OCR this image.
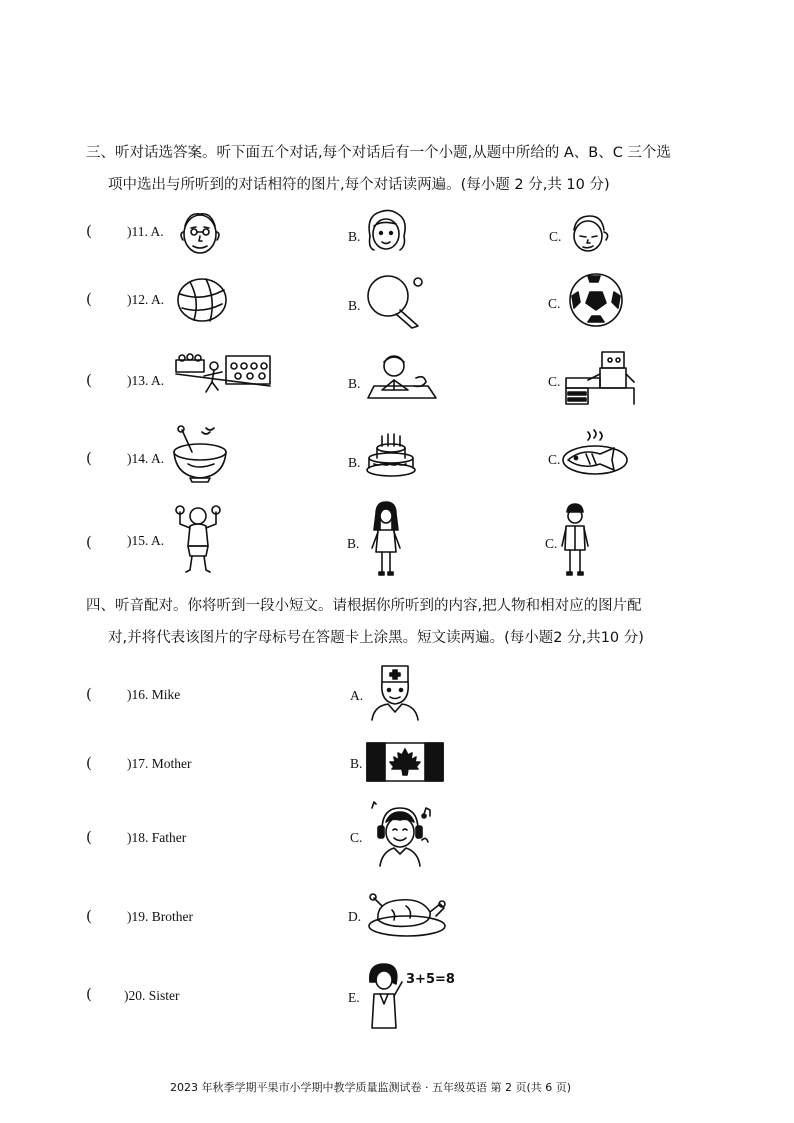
三、听对话选答案。听下面五个对话,每个对话后有一个小题,从题中所给的 A、B、C 三个选
项中选出与所听到的对话相符的图片,每个对话读两遍。(每小题 2 分,共 10 分)
(	)11. A.	B.	C.
(	)12. A.	B.	C.
(	)13. A.	B.	C.
(	)14. A.	B.	C.
(	)15. A.	B.	C.
四、听音配对。你将听到一段小短文。请根据你所听到的内容,把人物和相对应的图片配
对,并将代表该图片的字母标号在答题卡上涂黑。短文读两遍。(每小题2 分,共10 分)
(	)16. Mike	A.
(	)17. Mother	B.
(	)18. Father	C.
(	)19. Brother	D.
( )20. Sister	E.
3+5=8
2023 年秋季学期平果市小学期中教学质量监测试卷 · 五年级英语 第 2 页(共 6 页)
